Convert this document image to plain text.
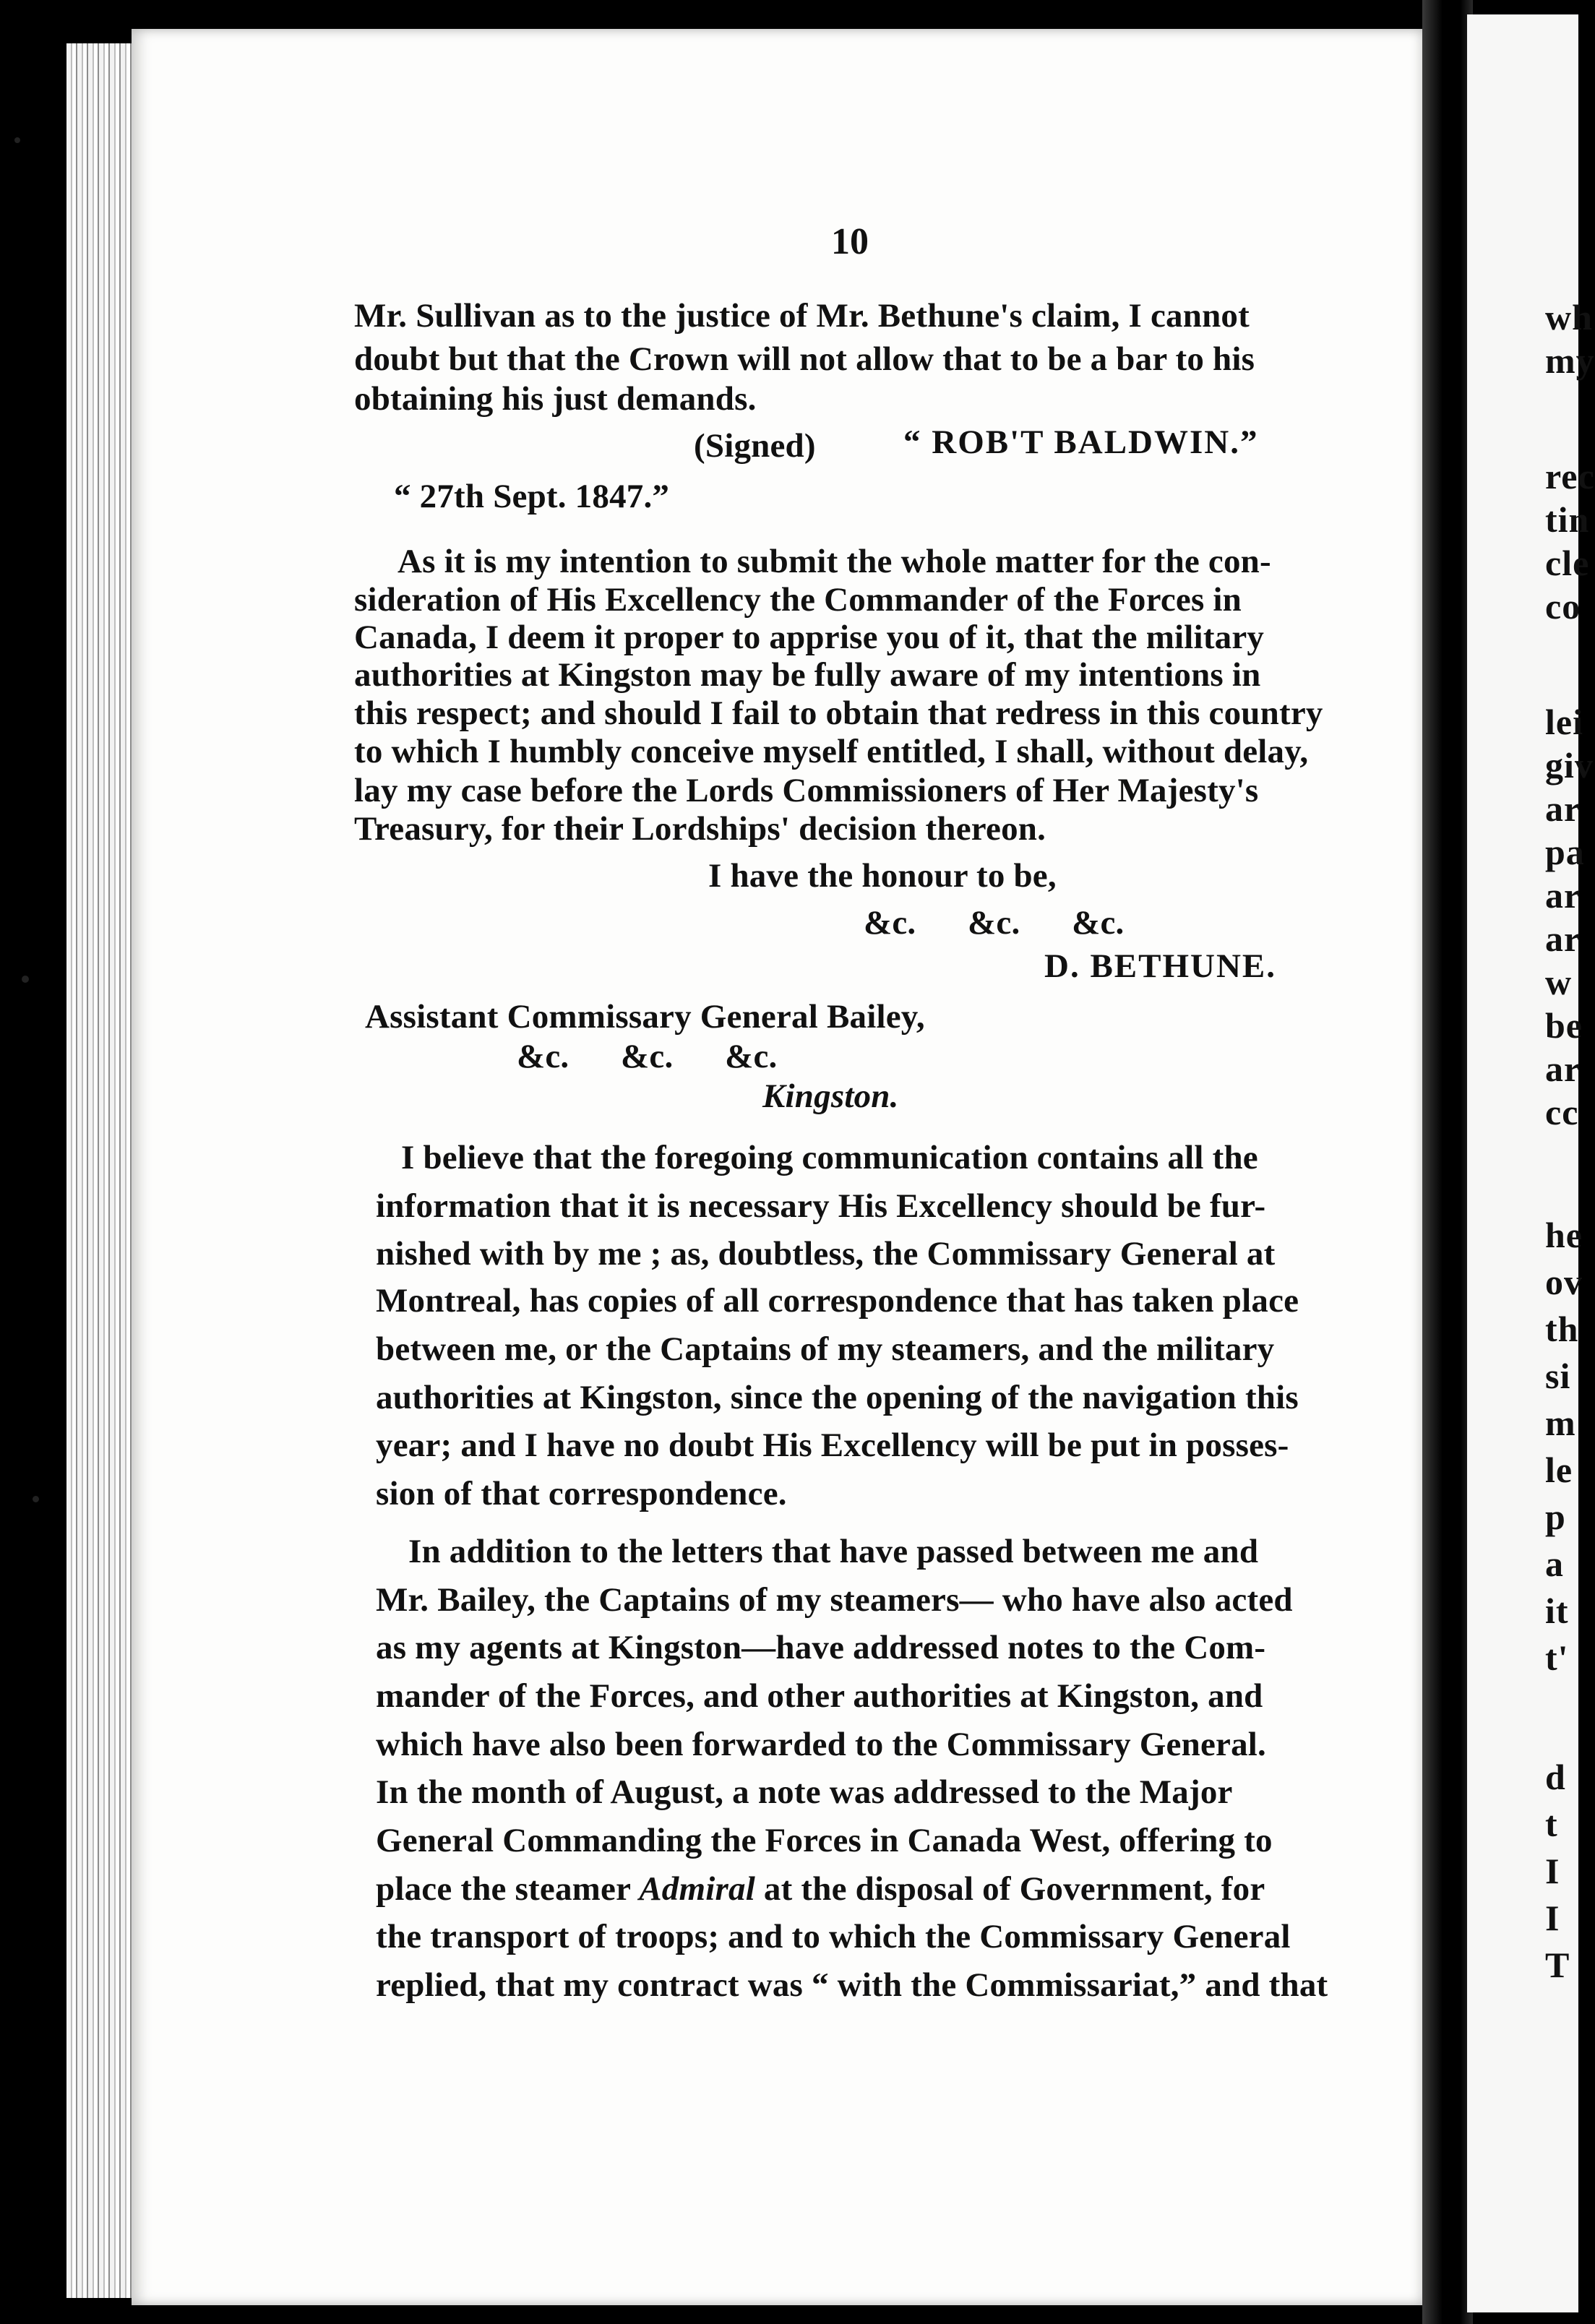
10
Mr. Sullivan as to the justice of Mr. Bethune's claim, I cannot
doubt but that the Crown will not allow that to be a bar to his
obtaining his just demands.
(Signed)	“ ROB'T BALDWIN.”
“ 27th Sept. 1847.”
As it is my intention to submit the whole matter for the con-
sideration of His Excellency the Commander of the Forces in
Canada, I deem it proper to apprise you of it, that the military
authorities at Kingston may be fully aware of my intentions in
this respect; and should I fail to obtain that redress in this country
to which I humbly conceive myself entitled, I shall, without delay,
lay my case before the Lords Commissioners of Her Majesty's
Treasury, for their Lordships' decision thereon.
I have the honour to be,
&c.      &c.      &c.
D. BETHUNE.
Assistant Commissary General Bailey,
&c.      &c.      &c.
Kingston.
I believe that the foregoing communication contains all the
information that it is necessary His Excellency should be fur-
nished with by me ; as, doubtless, the Commissary General at
Montreal, has copies of all correspondence that has taken place
between me, or the Captains of my steamers, and the military
authorities at Kingston, since the opening of the navigation this
year; and I have no doubt His Excellency will be put in posses-
sion of that correspondence.
In addition to the letters that have passed between me and
Mr. Bailey, the Captains of my steamers— who have also acted
as my agents at Kingston—have addressed notes to the Com-
mander of the Forces, and other authorities at Kingston, and
which have also been forwarded to the Commissary General.
In the month of August, a note was addressed to the Major
General Commanding the Forces in Canada West, offering to
place the steamer Admiral at the disposal of Government, for
the transport of troops; and to which the Commissary General
replied, that my contract was “ with the Commissariat,” and that
wh
my
rec
tin
cle
co
lei
giv
ar
pa
ar
ar
w
be
ar
cc
he
ov
th
si
m
le
p
a
it
t'
d
t
I
I
T
